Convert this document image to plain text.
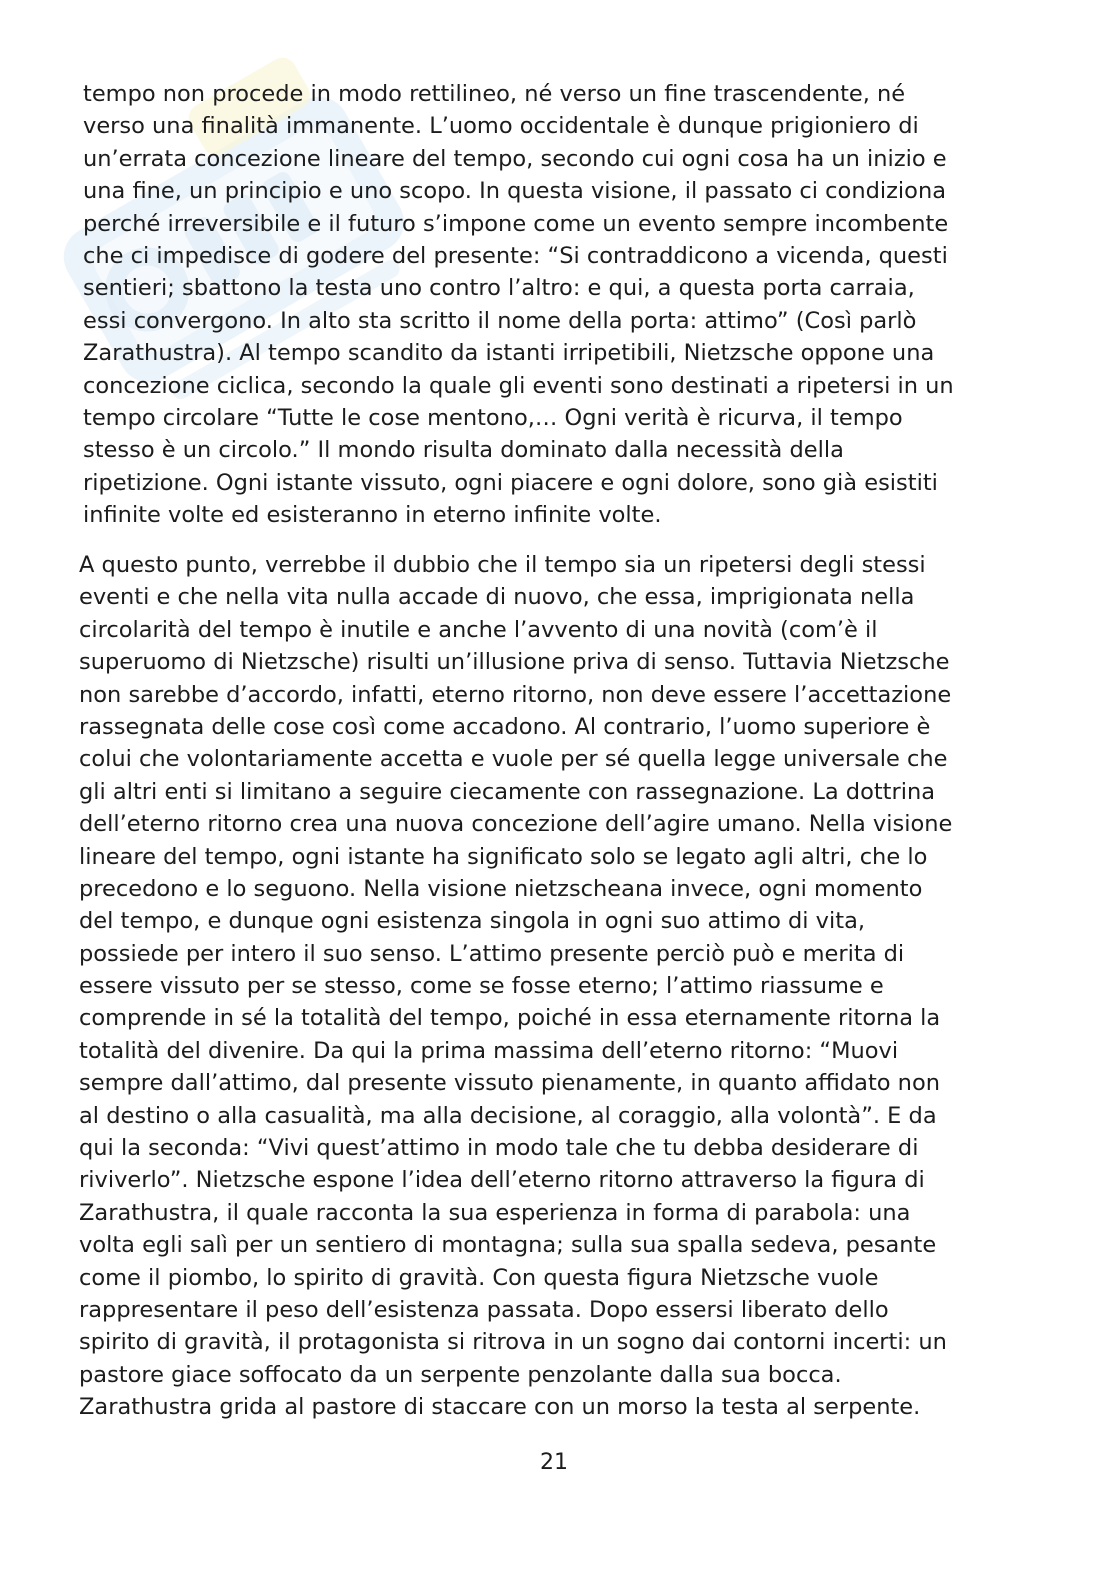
tempo non procede in modo rettilineo, né verso un fine trascendente, né
verso una finalità immanente. L’uomo occidentale è dunque prigioniero di
un’errata concezione lineare del tempo, secondo cui ogni cosa ha un inizio e
una fine, un principio e uno scopo. In questa visione, il passato ci condiziona
perché irreversibile e il futuro s’impone come un evento sempre incombente
che ci impedisce di godere del presente: “Si contraddicono a vicenda, questi
sentieri; sbattono la testa uno contro l’altro: e qui, a questa porta carraia,
essi convergono. In alto sta scritto il nome della porta: attimo” (Così parlò
Zarathustra). Al tempo scandito da istanti irripetibili, Nietzsche oppone una
concezione ciclica, secondo la quale gli eventi sono destinati a ripetersi in un
tempo circolare “Tutte le cose mentono,… Ogni verità è ricurva, il tempo
stesso è un circolo.” Il mondo risulta dominato dalla necessità della
ripetizione. Ogni istante vissuto, ogni piacere e ogni dolore, sono già esistiti
infinite volte ed esisteranno in eterno infinite volte.
A questo punto, verrebbe il dubbio che il tempo sia un ripetersi degli stessi
eventi e che nella vita nulla accade di nuovo, che essa, imprigionata nella
circolarità del tempo è inutile e anche l’avvento di una novità (com’è il
superuomo di Nietzsche) risulti un’illusione priva di senso. Tuttavia Nietzsche
non sarebbe d’accordo, infatti, eterno ritorno, non deve essere l’accettazione
rassegnata delle cose così come accadono. Al contrario, l’uomo superiore è
colui che volontariamente accetta e vuole per sé quella legge universale che
gli altri enti si limitano a seguire ciecamente con rassegnazione. La dottrina
dell’eterno ritorno crea una nuova concezione dell’agire umano. Nella visione
lineare del tempo, ogni istante ha significato solo se legato agli altri, che lo
precedono e lo seguono. Nella visione nietzscheana invece, ogni momento
del tempo, e dunque ogni esistenza singola in ogni suo attimo di vita,
possiede per intero il suo senso. L’attimo presente perciò può e merita di
essere vissuto per se stesso, come se fosse eterno; l’attimo riassume e
comprende in sé la totalità del tempo, poiché in essa eternamente ritorna la
totalità del divenire. Da qui la prima massima dell’eterno ritorno: “Muovi
sempre dall’attimo, dal presente vissuto pienamente, in quanto affidato non
al destino o alla casualità, ma alla decisione, al coraggio, alla volontà”. E da
qui la seconda: “Vivi quest’attimo in modo tale che tu debba desiderare di
riviverlo”. Nietzsche espone l’idea dell’eterno ritorno attraverso la figura di
Zarathustra, il quale racconta la sua esperienza in forma di parabola: una
volta egli salì per un sentiero di montagna; sulla sua spalla sedeva, pesante
come il piombo, lo spirito di gravità. Con questa figura Nietzsche vuole
rappresentare il peso dell’esistenza passata. Dopo essersi liberato dello
spirito di gravità, il protagonista si ritrova in un sogno dai contorni incerti: un
pastore giace soffocato da un serpente penzolante dalla sua bocca.
Zarathustra grida al pastore di staccare con un morso la testa al serpente.
21
